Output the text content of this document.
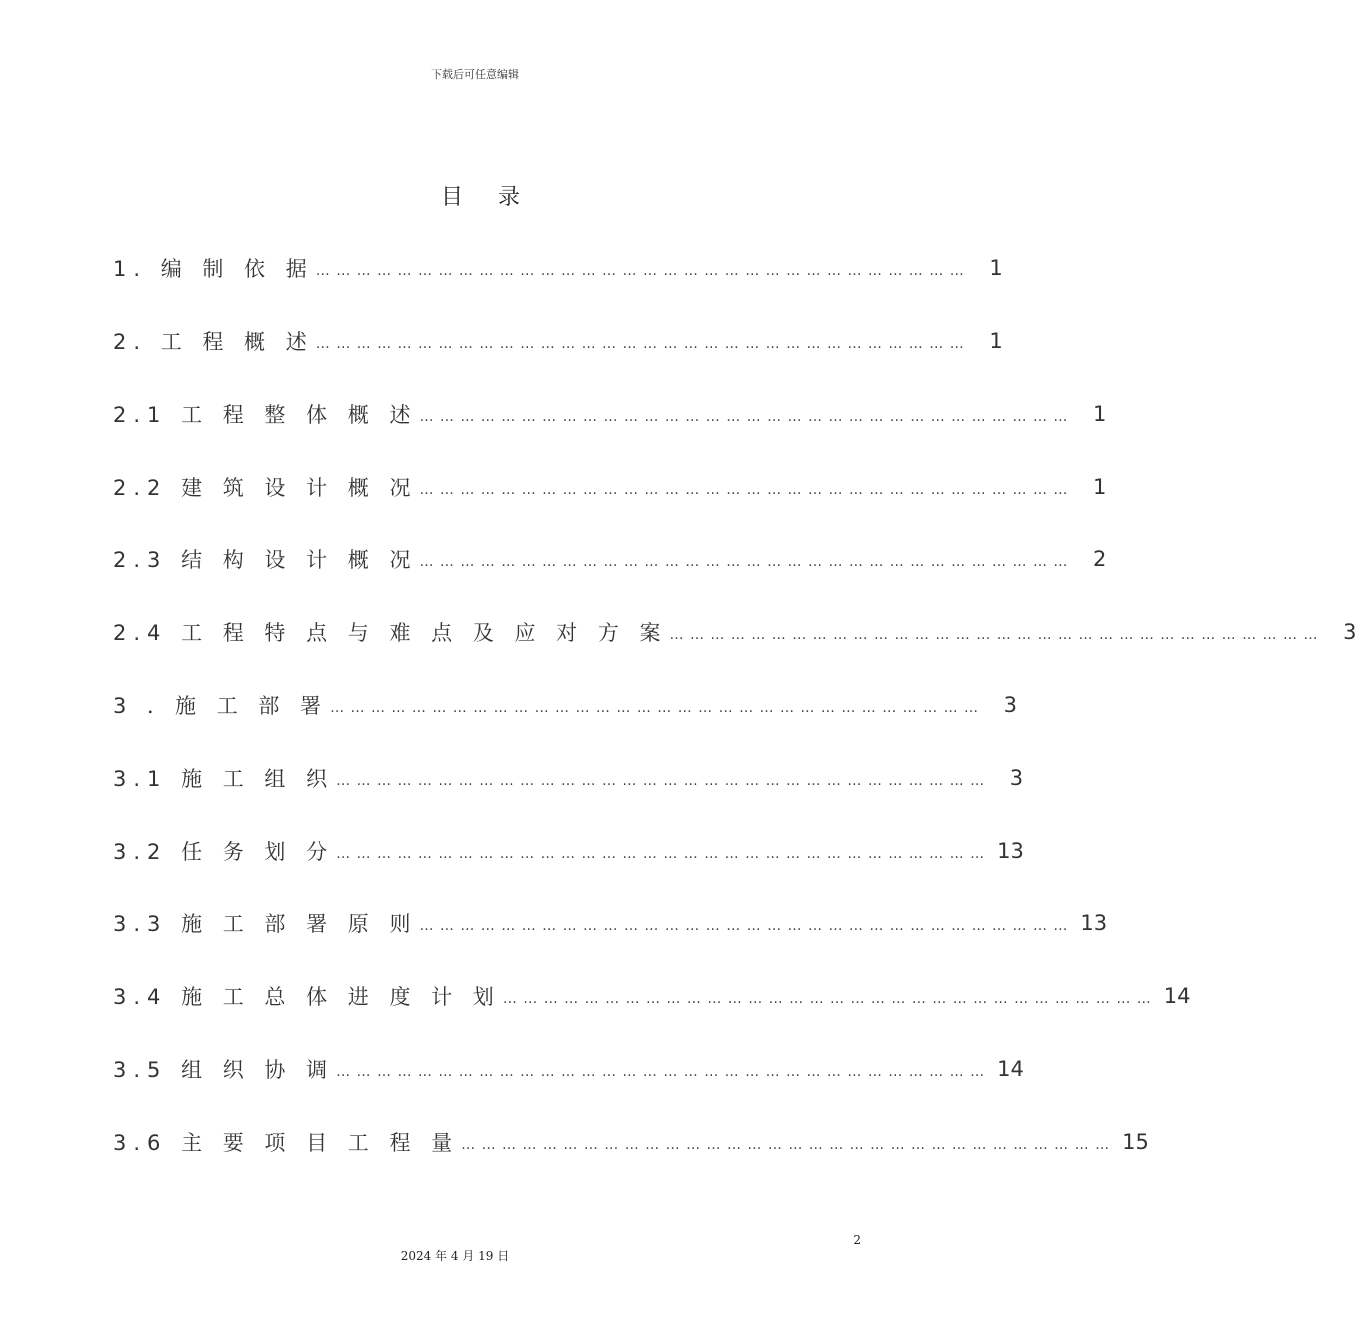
下载后可任意编辑
目 录
1. 编 制 依 据 … … … … … … … … … … … … … … … … … … … … … … … … … … … … … … … …	1
2. 工 程 概 述 … … … … … … … … … … … … … … … … … … … … … … … … … … … … … … … …	1
2.1 工 程 整 体 概 述 … … … … … … … … … … … … … … … … … … … … … … … … … … … … … … … …	1
2.2 建 筑 设 计 概 况 … … … … … … … … … … … … … … … … … … … … … … … … … … … … … … … …	1
2.3 结 构 设 计 概 况 … … … … … … … … … … … … … … … … … … … … … … … … … … … … … … … …	2
2.4 工 程 特 点 与 难 点 及 应 对 方 案 … … … … … … … … … … … … … … … … … … … … … … … … … … … … … … … …	3
3 ．施 工 部 署 … … … … … … … … … … … … … … … … … … … … … … … … … … … … … … … …	3
3.1 施 工 组 织 … … … … … … … … … … … … … … … … … … … … … … … … … … … … … … … …	3
3.2 任 务 划 分 … … … … … … … … … … … … … … … … … … … … … … … … … … … … … … … … 13
3.3 施 工 部 署 原 则 … … … … … … … … … … … … … … … … … … … … … … … … … … … … … … … … 13
3.4 施 工 总 体 进 度 计 划 … … … … … … … … … … … … … … … … … … … … … … … … … … … … … … … … 14
3.5 组 织 协 调 … … … … … … … … … … … … … … … … … … … … … … … … … … … … … … … … 14
3.6 主 要 项 目 工 程 量 … … … … … … … … … … … … … … … … … … … … … … … … … … … … … … … … 15
2
2024 年 4 月 19 日
